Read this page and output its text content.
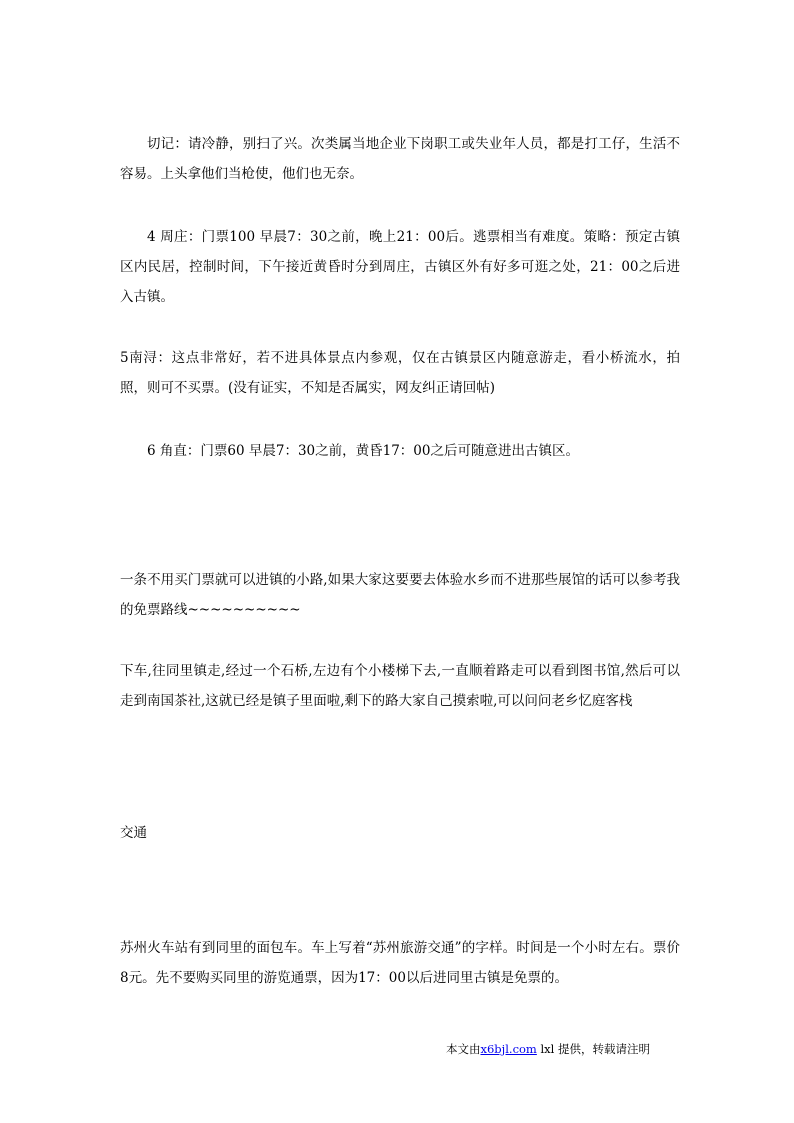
切记：请冷静，别扫了兴。次类属当地企业下岗职工或失业年人员，都是打工仔，生活不容易。上头拿他们当枪使，他们也无奈。

4 周庄：门票100 早晨7：30之前，晚上21：00后。逃票相当有难度。策略：预定古镇区内民居，控制时间，下午接近黄昏时分到周庄，古镇区外有好多可逛之处，21：00之后进入古镇。

5南浔：这点非常好，若不进具体景点内参观，仅在古镇景区内随意游走，看小桥流水，拍照，则可不买票。(没有证实，不知是否属实，网友纠正请回帖)

6 角直：门票60 早晨7：30之前，黄昏17：00之后可随意进出古镇区。

一条不用买门票就可以进镇的小路,如果大家这要要去体验水乡而不进那些展馆的话可以参考我的免票路线~~~~~~~~~~

下车,往同里镇走,经过一个石桥,左边有个小楼梯下去,一直顺着路走可以看到图书馆,然后可以走到南国茶社,这就已经是镇子里面啦,剩下的路大家自己摸索啦,可以问问老乡忆庭客栈

交通

苏州火车站有到同里的面包车。车上写着“苏州旅游交通”的字样。时间是一个小时左右。票价8元。先不要购买同里的游览通票，因为17：00以后进同里古镇是免票的。

本文由x6bjl.com lxl 提供，转载请注明
